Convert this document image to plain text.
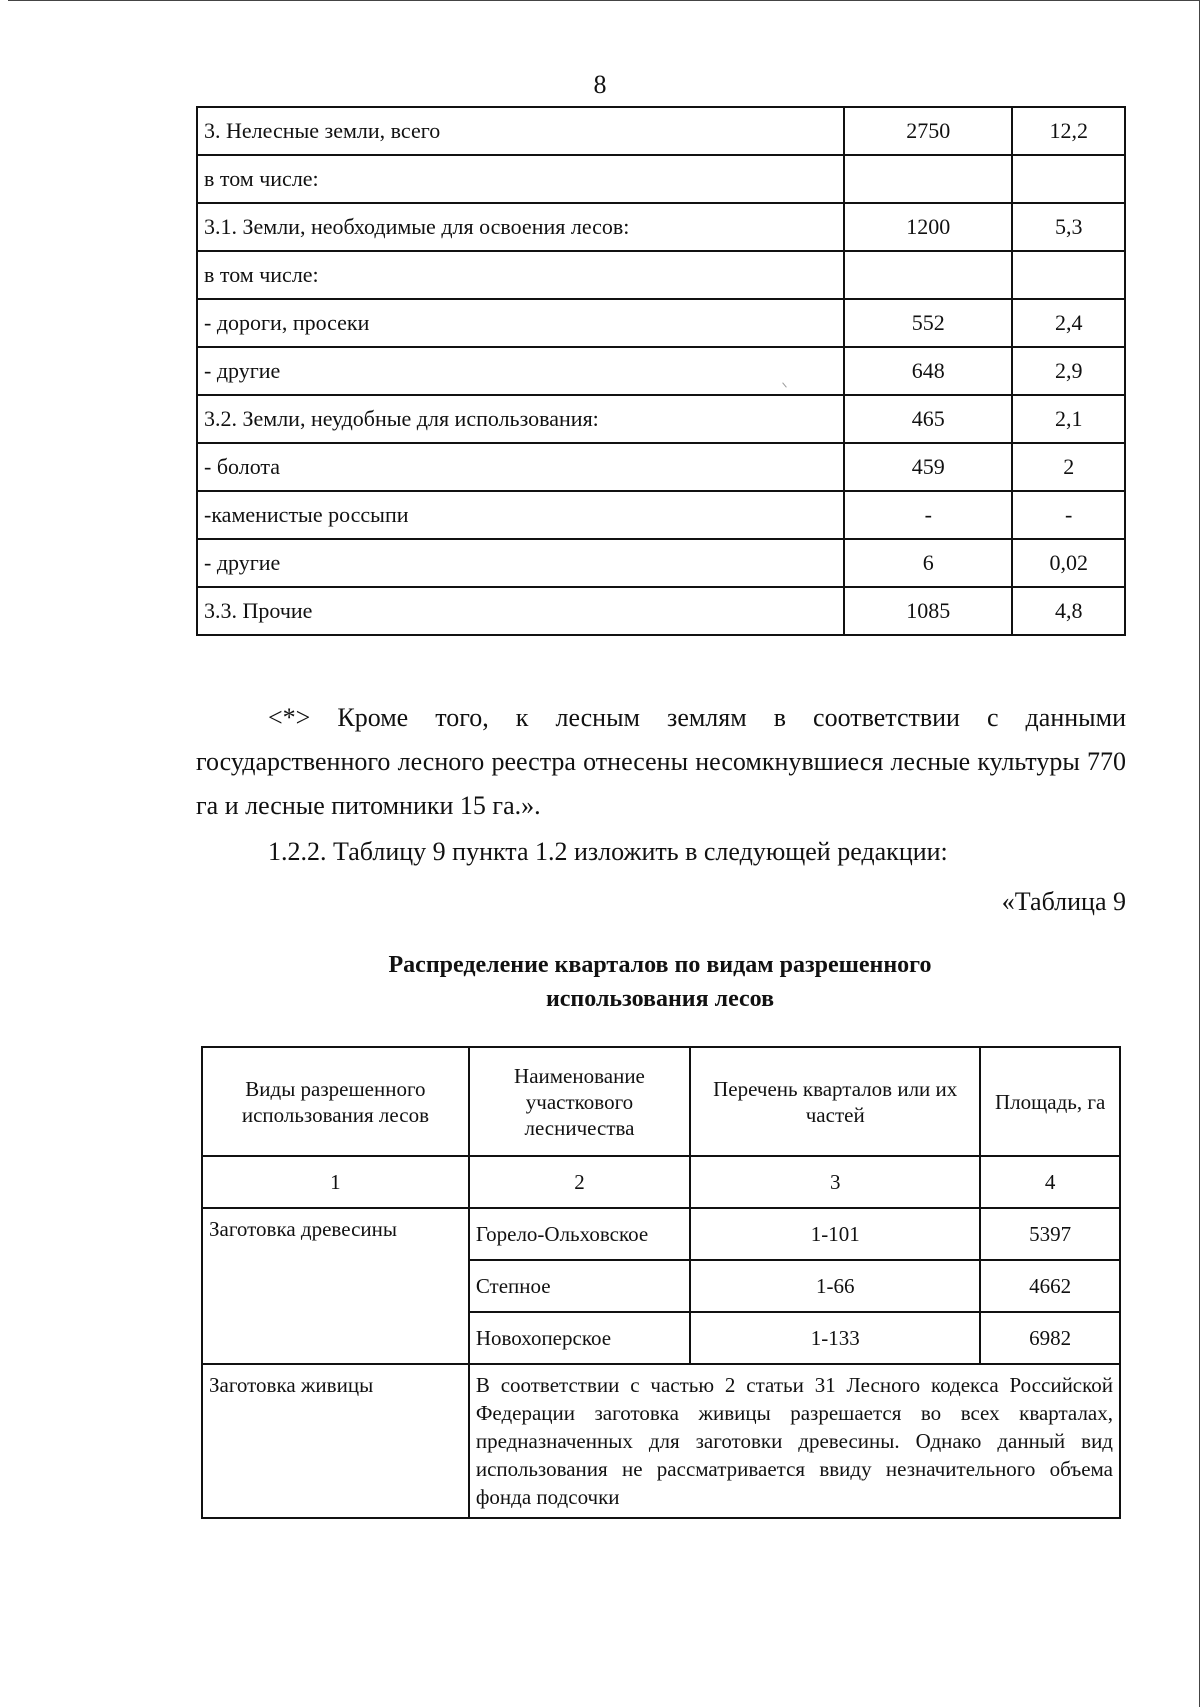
8
3. Нелесные земли, всего	2750	12,2
в том числе:		
3.1. Земли, необходимые для освоения лесов:	1200	5,3
в том числе:		
- дороги, просеки	552	2,4
- другие	648	2,9
3.2. Земли, неудобные для использования:	465	2,1
- болота	459	2
-каменистые россыпи	-	-
- другие	6	0,02
3.3. Прочие	1085	4,8

<*> Кроме того, к лесным землям в соответствии с данными государственного лесного реестра отнесены несомкнувшиеся лесные культуры 770 га и лесные питомники 15 га.».

1.2.2. Таблицу 9 пункта 1.2 изложить в следующей редакции:

«Таблица 9

Распределение кварталов по видам разрешенного
использования лесов
Виды разрешенного использования лесов	Наименование участкового лесничества	Перечень кварталов или их частей	Площадь, га
1	2	3	4
Заготовка древесины	Горело-Ольховское	1-101	5397
	Степное	1-66	4662
	Новохоперское	1-133	6982
Заготовка живицы	В соответствии с частью 2 статьи 31 Лесного кодекса Российской Федерации заготовка живицы разрешается во всех кварталах, предназначенных для заготовки древесины. Однако данный вид использования не рассматривается ввиду незначительного объема фонда подсочки		
